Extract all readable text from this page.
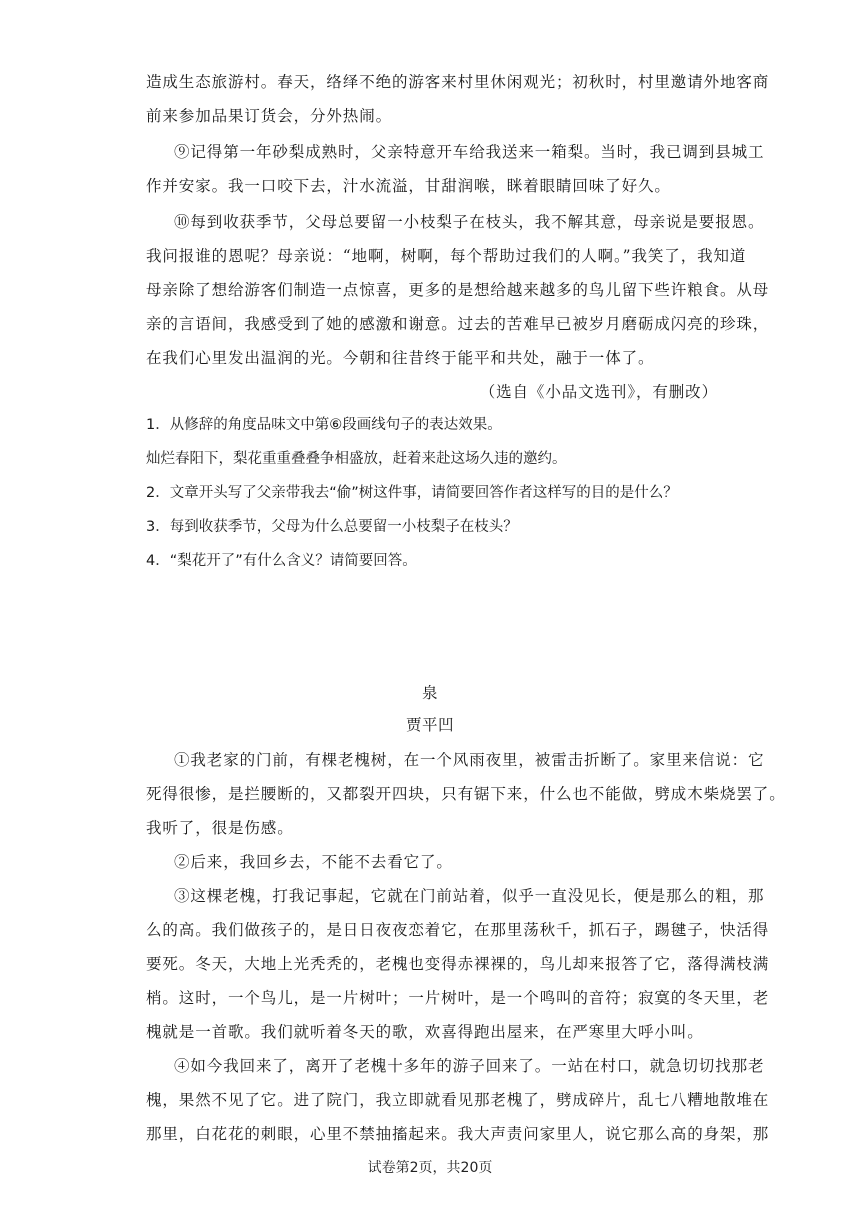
造成生态旅游村。春天，络绎不绝的游客来村里休闲观光；初秋时，村里邀请外地客商
前来参加品果订货会，分外热闹。
⑨记得第一年砂梨成熟时，父亲特意开车给我送来一箱梨。当时，我已调到县城工
作并安家。我一口咬下去，汁水流溢，甘甜润喉，眯着眼睛回味了好久。
⑩每到收获季节，父母总要留一小枝梨子在枝头，我不解其意，母亲说是要报恩。
我问报谁的恩呢？母亲说：“地啊，树啊，每个帮助过我们的人啊。”我笑了，我知道
母亲除了想给游客们制造一点惊喜，更多的是想给越来越多的鸟儿留下些许粮食。从母
亲的言语间，我感受到了她的感激和谢意。过去的苦难早已被岁月磨砺成闪亮的珍珠，
在我们心里发出温润的光。今朝和往昔终于能平和共处，融于一体了。
（选自《小品文选刊》，有删改）
1．从修辞的角度品味文中第⑥段画线句子的表达效果。
灿烂春阳下，梨花重重叠叠争相盛放，赶着来赴这场久违的邀约。
2．文章开头写了父亲带我去“偷”树这件事，请简要回答作者这样写的目的是什么？
3．每到收获季节，父母为什么总要留一小枝梨子在枝头？
4．“梨花开了”有什么含义？请简要回答。
泉
贾平凹
①我老家的门前，有棵老槐树，在一个风雨夜里，被雷击折断了。家里来信说：它
死得很惨，是拦腰断的，又都裂开四块，只有锯下来，什么也不能做，劈成木柴烧罢了。
我听了，很是伤感。
②后来，我回乡去，不能不去看它了。
③这棵老槐，打我记事起，它就在门前站着，似乎一直没见长，便是那么的粗，那
么的高。我们做孩子的，是日日夜夜恋着它，在那里荡秋千，抓石子，踢毽子，快活得
要死。冬天，大地上光秃秃的，老槐也变得赤裸裸的，鸟儿却来报答了它，落得满枝满
梢。这时，一个鸟儿，是一片树叶；一片树叶，是一个鸣叫的音符；寂寞的冬天里，老
槐就是一首歌。我们就听着冬天的歌，欢喜得跑出屋来，在严寒里大呼小叫。
④如今我回来了，离开了老槐十多年的游子回来了。一站在村口，就急切切找那老
槐，果然不见了它。进了院门，我立即就看见那老槐了，劈成碎片，乱七八糟地散堆在
那里，白花花的刺眼，心里不禁抽搐起来。我大声责问家里人，说它那么高的身架，那
试卷第2页，共20页
